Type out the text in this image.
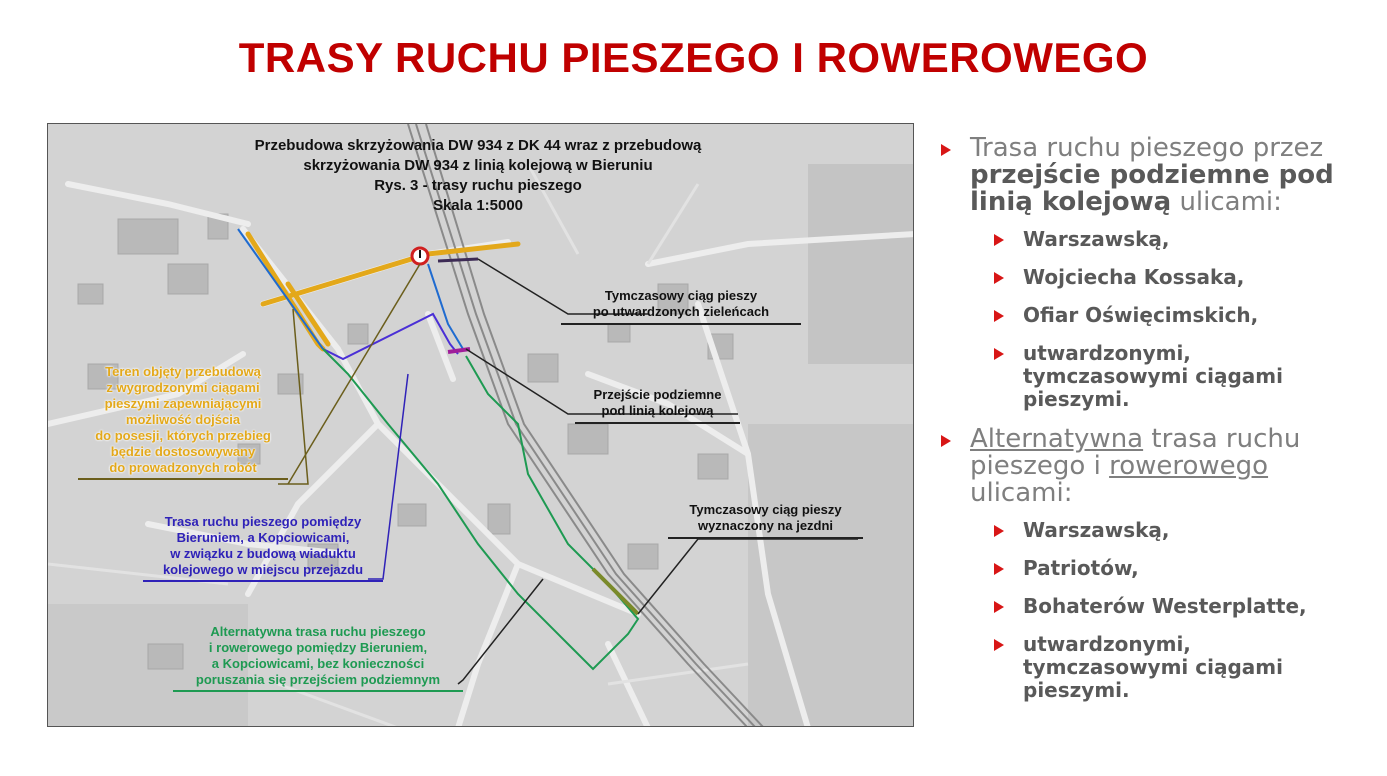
TRASY RUCHU PIESZEGO I ROWEROWEGO
Przebudowa skrzyżowania DW 934 z DK 44 wraz z przebudową
skrzyżowania DW 934 z linią kolejową w Bieruniu
Rys. 3 - trasy ruchu pieszego
Skala 1:5000
Tymczasowy ciąg pieszy
po utwardzonych zieleńcach
Przejście podziemne
pod linią kolejową
Tymczasowy ciąg pieszy
wyznaczony na jezdni
Teren objęty przebudową
z wygrodzonymi ciągami
pieszymi zapewniającymi
możliwość dojścia
do posesji, których przebieg
będzie dostosowywany
do prowadzonych robót
Trasa ruchu pieszego pomiędzy
Bieruniem, a Kopciowicami,
w związku z budową wiaduktu
kolejowego w miejscu przejazdu
Alternatywna trasa ruchu pieszego
i rowerowego pomiędzy Bieruniem,
a Kopciowicami, bez konieczności
poruszania się przejściem podziemnym
Trasa ruchu pieszego przez przejście podziemne pod linią kolejową ulicami:
Warszawską,
Wojciecha Kossaka,
Ofiar Oświęcimskich,
utwardzonymi, tymczasowymi ciągami pieszymi.
Alternatywna trasa ruchu pieszego i rowerowego ulicami:
Warszawską,
Patriotów,
Bohaterów Westerplatte,
utwardzonymi, tymczasowymi ciągami pieszymi.
